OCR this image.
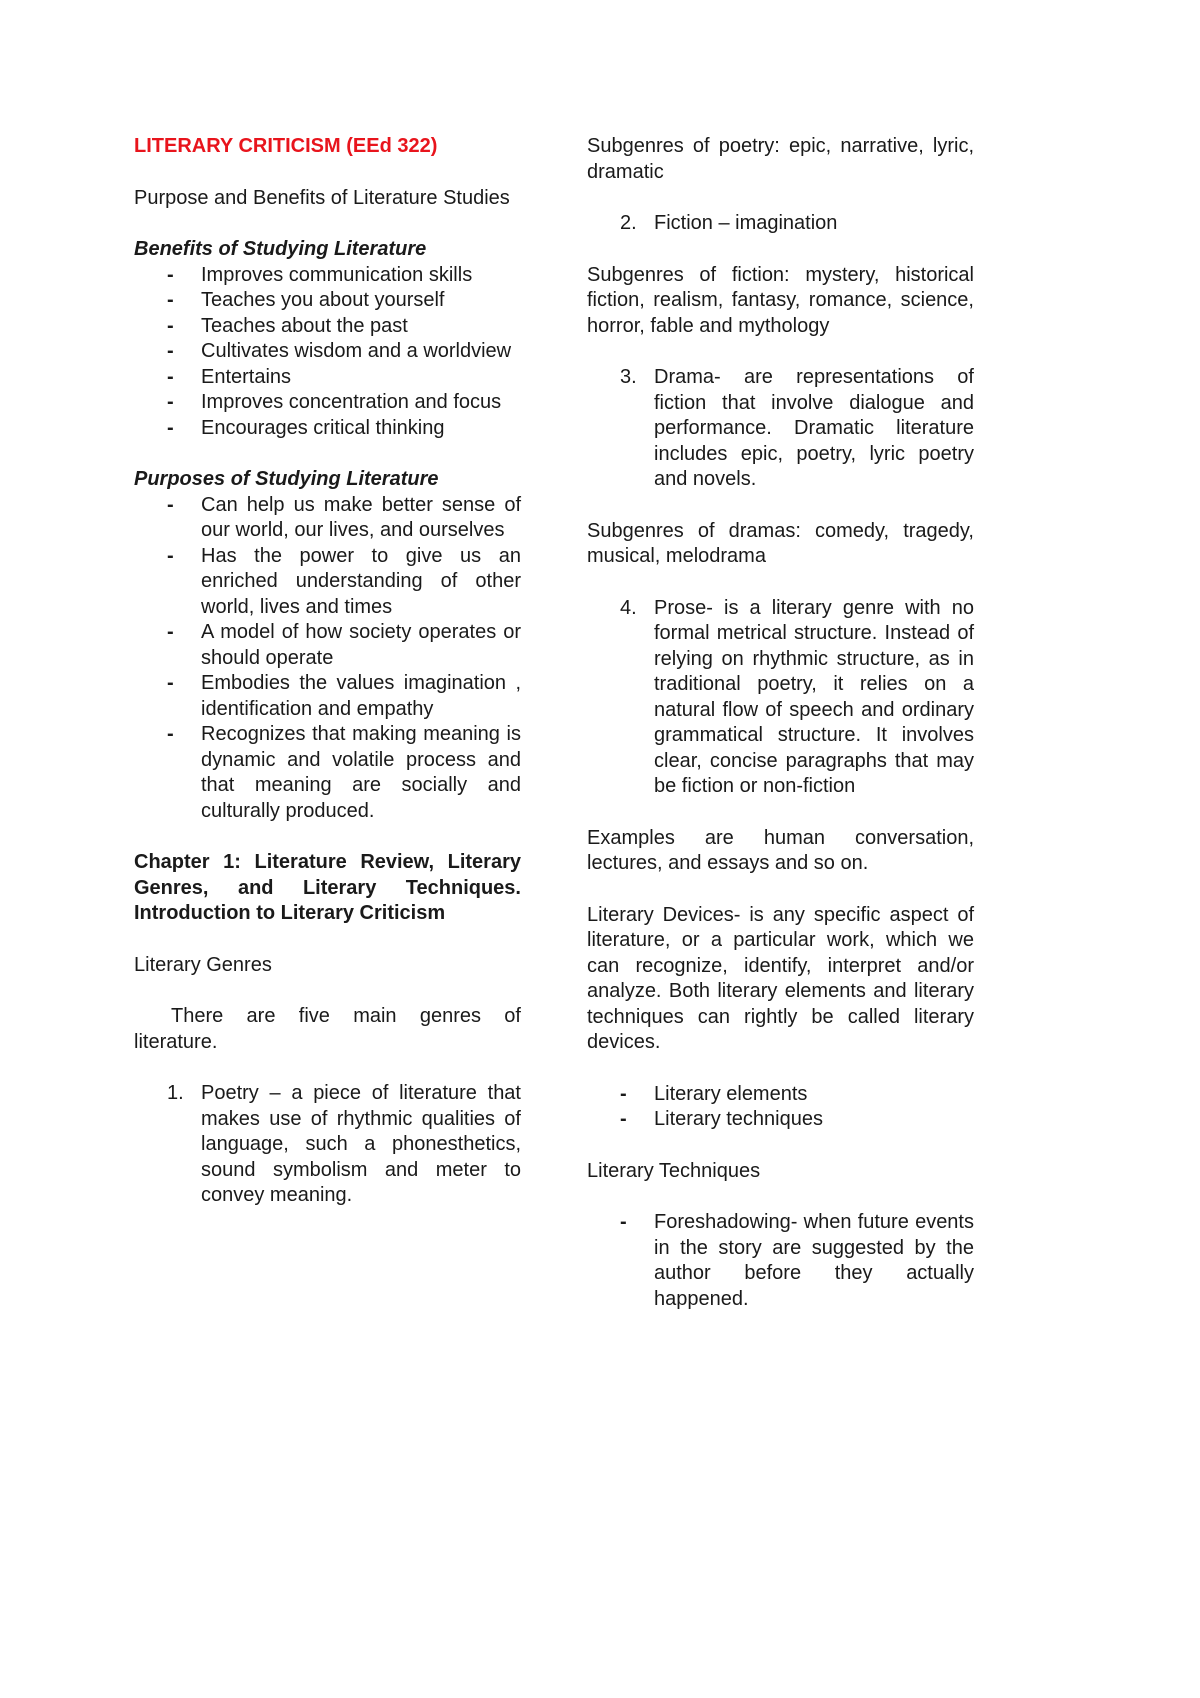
LITERARY CRITICISM (EEd 322)

Purpose and Benefits of Literature Studies

Benefits of Studying Literature

- Improves communication skills
- Teaches you about yourself
- Teaches about the past
- Cultivates wisdom and a worldview
- Entertains
- Improves concentration and focus
- Encourages critical thinking

Purposes of Studying Literature

- Can help us make better sense of our world, our lives, and ourselves
- Has the power to give us an enriched understanding of other world, lives and times
- A model of how society operates or should operate
- Embodies the values imagination , identification and empathy
- Recognizes that making meaning is dynamic and volatile process and that meaning are socially and culturally produced.

Chapter 1: Literature Review, Literary Genres, and Literary Techniques. Introduction to Literary Criticism

Literary Genres

There are five main genres of literature.

1. Poetry – a piece of literature that makes use of rhythmic qualities of language, such a phonesthetics, sound symbolism and meter to convey meaning.

Subgenres of poetry: epic, narrative, lyric, dramatic

2. Fiction – imagination

Subgenres of fiction: mystery, historical fiction, realism, fantasy, romance, science, horror, fable and mythology

3. Drama- are representations of fiction that involve dialogue and performance. Dramatic literature includes epic, poetry, lyric poetry and novels.

Subgenres of dramas: comedy, tragedy, musical, melodrama

4. Prose- is a literary genre with no formal metrical structure. Instead of relying on rhythmic structure, as in traditional poetry, it relies on a natural flow of speech and ordinary grammatical structure. It involves clear, concise paragraphs that may be fiction or non-fiction

Examples are human conversation, lectures, and essays and so on.

Literary Devices- is any specific aspect of literature, or a particular work, which we can recognize, identify, interpret and/or analyze. Both literary elements and literary techniques can rightly be called literary devices.

- Literary elements
- Literary techniques

Literary Techniques

- Foreshadowing- when future events in the story are suggested by the author before they actually happened.
